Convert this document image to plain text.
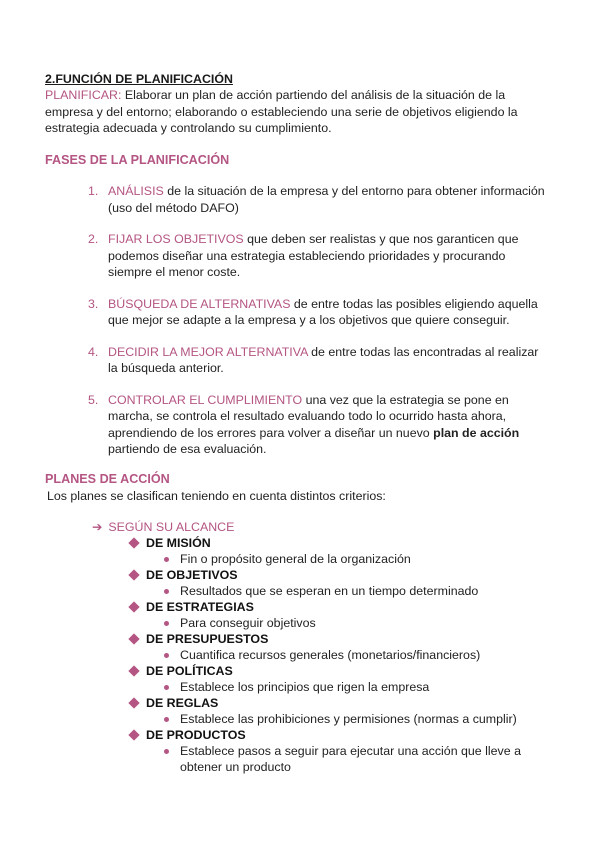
2.FUNCIÓN DE PLANIFICACIÓN
PLANIFICAR: Elaborar un plan de acción partiendo del análisis de la situación de la empresa y del entorno; elaborando o estableciendo una serie de objetivos eligiendo la estrategia adecuada y controlando su cumplimiento.
FASES DE LA PLANIFICACIÓN
1. ANÁLISIS de la situación de la empresa y del entorno para obtener información (uso del método DAFO)
2. FIJAR LOS OBJETIVOS que deben ser realistas y que nos garanticen que podemos diseñar una estrategia estableciendo prioridades y procurando siempre el menor coste.
3. BÚSQUEDA DE ALTERNATIVAS de entre todas las posibles eligiendo aquella que mejor se adapte a la empresa y a los objetivos que quiere conseguir.
4. DECIDIR LA MEJOR ALTERNATIVA de entre todas las encontradas al realizar la búsqueda anterior.
5. CONTROLAR EL CUMPLIMIENTO una vez que la estrategia se pone en marcha, se controla el resultado evaluando todo lo ocurrido hasta ahora, aprendiendo de los errores para volver a diseñar un nuevo plan de acción partiendo de esa evaluación.
PLANES DE ACCIÓN
Los planes se clasifican teniendo en cuenta distintos criterios:
➔ SEGÚN SU ALCANCE
DE MISIÓN
Fin o propósito general de la organización
DE OBJETIVOS
Resultados que se esperan en un tiempo determinado
DE ESTRATEGIAS
Para conseguir objetivos
DE PRESUPUESTOS
Cuantifica recursos generales (monetarios/financieros)
DE POLÍTICAS
Establece los principios que rigen la empresa
DE REGLAS
Establece las prohibiciones y permisiones (normas a cumplir)
DE PRODUCTOS
Establece pasos a seguir para ejecutar una acción que lleve a obtener un producto
